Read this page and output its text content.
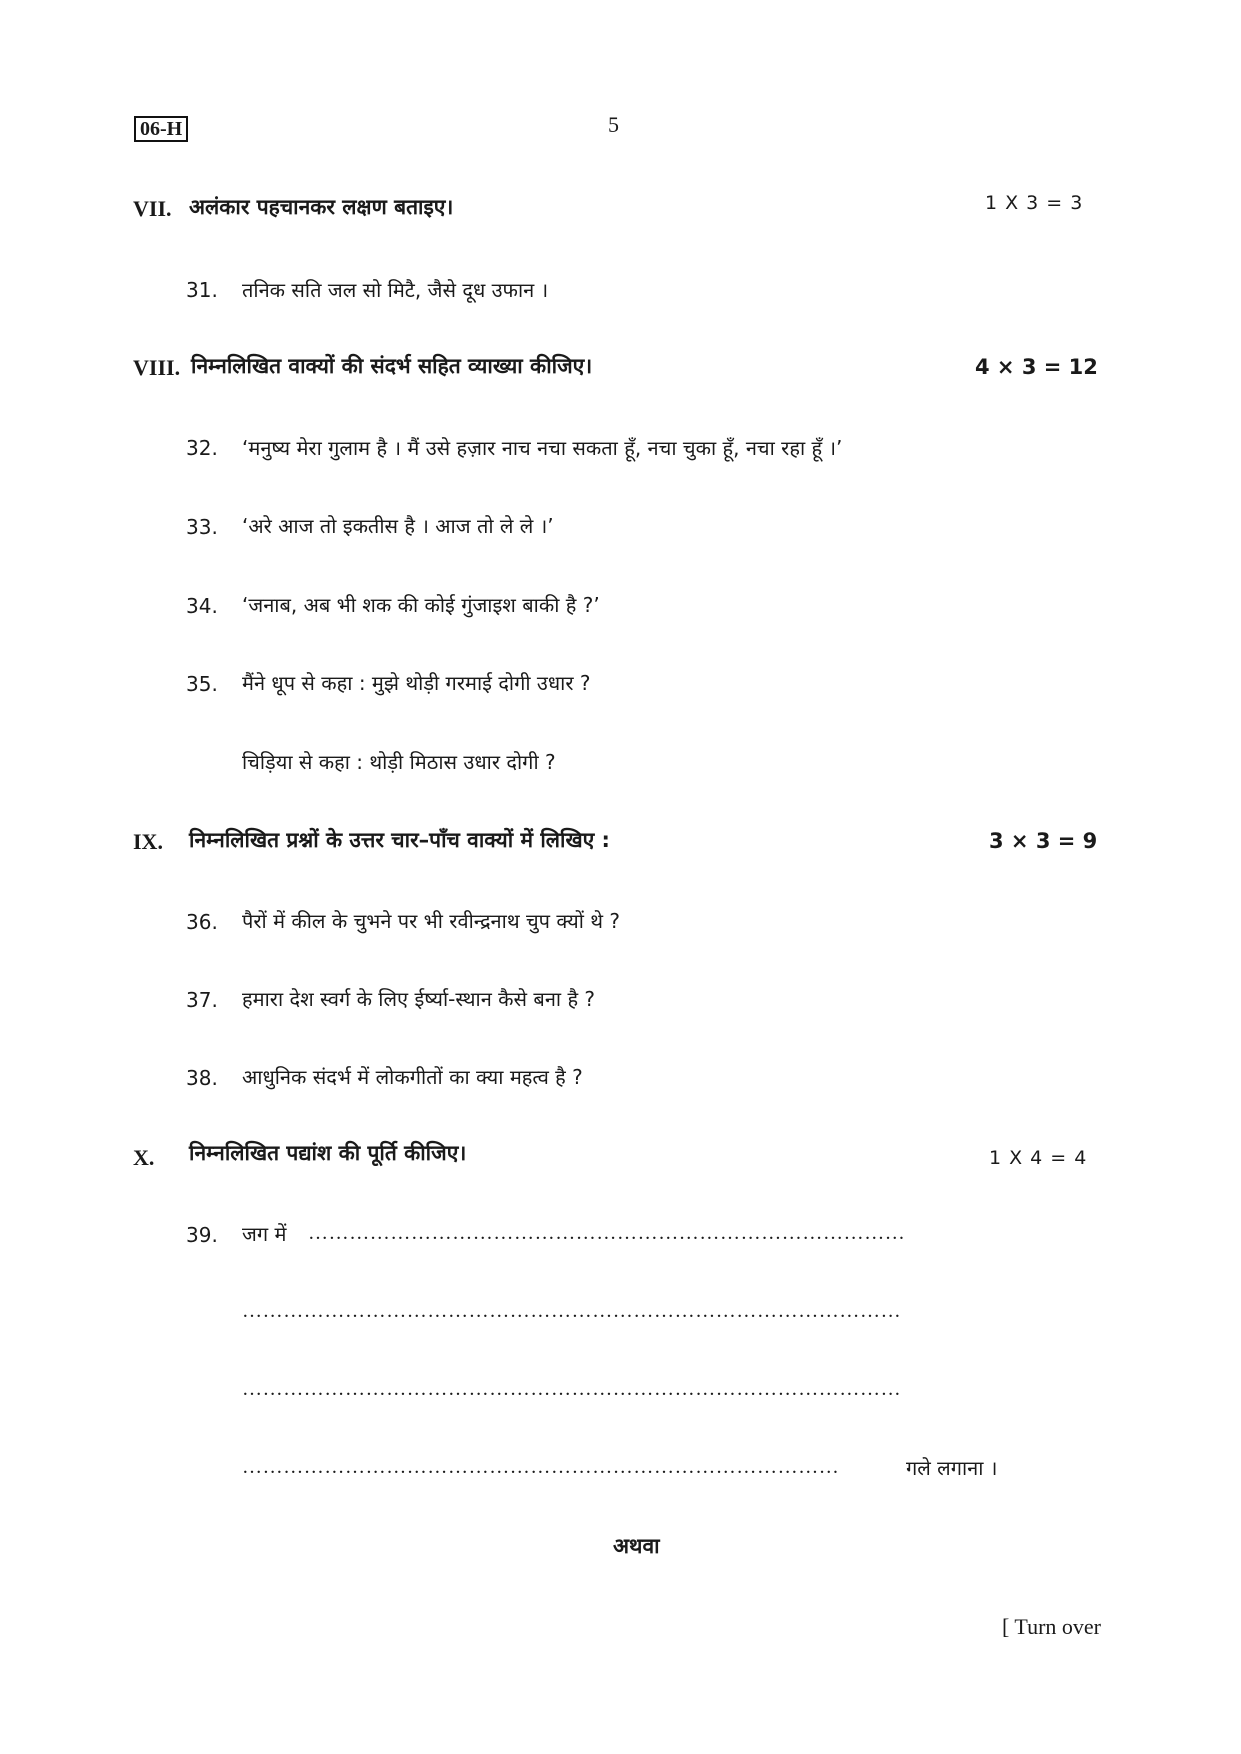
06-H	5
VII. अलंकार पहचानकर लक्षण बताइए।	1 X 3 = 3
31. तनिक सति जल सो मिटै, जैसे दूध उफान ।
VIII. निम्नलिखित वाक्यों की संदर्भ सहित व्याख्या कीजिए।	4 × 3 = 12
32. ‘मनुष्य मेरा गुलाम है । मैं उसे हज़ार नाच नचा सकता हूँ, नचा चुका हूँ, नचा रहा हूँ ।’
33. ‘अरे आज तो इकतीस है । आज तो ले ले ।’
34. ‘जनाब, अब भी शक की कोई गुंजाइश बाकी है ?’
35. मैंने धूप से कहा : मुझे थोड़ी गरमाई दोगी उधार ?
चिड़िया से कहा : थोड़ी मिठास उधार दोगी ?
IX. निम्नलिखित प्रश्नों के उत्तर चार–पाँच वाक्यों में लिखिए :	3 × 3 = 9
36. पैरों में कील के चुभने पर भी रवीन्द्रनाथ चुप क्यों थे ?
37. हमारा देश स्वर्ग के लिए ईर्ष्या-स्थान कैसे बना है ?
38. आधुनिक संदर्भ में लोकगीतों का क्या महत्व है ?
X. निम्नलिखित पद्यांश की पूर्ति कीजिए।	1 X 4 = 4
39. जग में ……………………………………………………………………………
……………………………………………………………………………………
……………………………………………………………………………………
……………………………………………………………………………	गले लगाना ।
अथवा
[ Turn over
